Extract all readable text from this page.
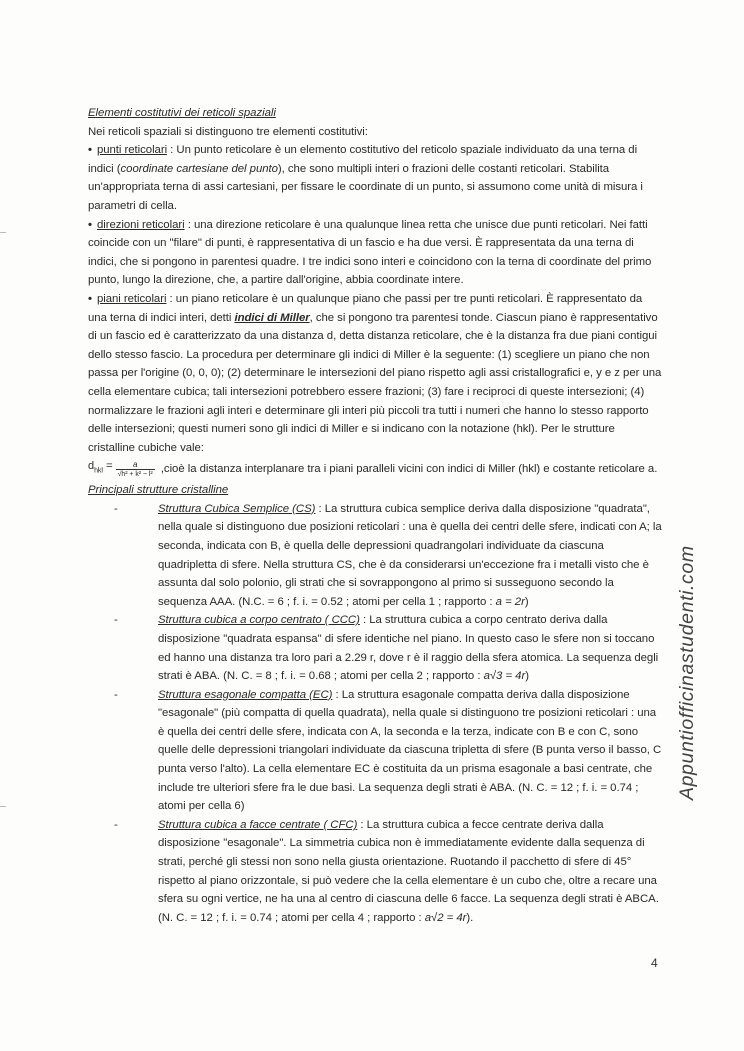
Elementi costitutivi dei reticoli spaziali

Nei reticoli spaziali si distinguono tre elementi costitutivi:

• punti reticolari : Un punto reticolare è un elemento costitutivo del reticolo spaziale individuato da una terna di indici (coordinate cartesiane del punto), che sono multipli interi o frazioni delle costanti reticolari. Stabilita un'appropriata terna di assi cartesiani, per fissare le coordinate di un punto, si assumono come unità di misura i parametri di cella.

• direzioni reticolari : una direzione reticolare è una qualunque linea retta che unisce due punti reticolari. Nei fatti coincide con un "filare" di punti, è rappresentativa di un fascio e ha due versi. È rappresentata da una terna di indici, che si pongono in parentesi quadre. I tre indici sono interi e coincidono con la terna di coordinate del primo punto, lungo la direzione, che, a partire dall'origine, abbia coordinate intere.

• piani reticolari : un piano reticolare è un qualunque piano che passi per tre punti reticolari. È rappresentato da una terna di indici interi, detti indici di Miller, che si pongono tra parentesi tonde. Ciascun piano è rappresentativo di un fascio ed è caratterizzato da una distanza d, detta distanza reticolare, che è la distanza fra due piani contigui dello stesso fascio. La procedura per determinare gli indici di Miller è la seguente: (1) scegliere un piano che non passa per l'origine (0, 0, 0); (2) determinare le intersezioni del piano rispetto agli assi cristallografici e, y e z per una cella elementare cubica; tali intersezioni potrebbero essere frazioni; (3) fare i reciproci di queste intersezioni; (4) normalizzare le frazioni agli interi e determinare gli interi più piccoli tra tutti i numeri che hanno lo stesso rapporto delle intersezioni; questi numeri sono gli indici di Miller e si indicano con la notazione (hkl). Per le strutture cristalline cubiche vale:
$d_{hkl} = \frac{a}{\text{√h² + k² − l²}}$ ,cioè la distanza interplanare tra i piani paralleli vicini con indici di Miller (hkl) e costante reticolare a.

Principali strutture cristalline

- Struttura Cubica Semplice (CS) : La struttura cubica semplice deriva dalla disposizione "quadrata", nella quale si distinguono due posizioni reticolari : una è quella dei centri delle sfere, indicati con A; la seconda, indicata con B, è quella delle depressioni quadrangolari individuate da ciascuna quadripletta di sfere. Nella struttura CS, che è da considerarsi un'eccezione fra i metalli visto che è assunta dal solo polonio, gli strati che si sovrappongono al primo si susseguono secondo la sequenza AAA. (N.C. = 6 ; f. i. = 0.52 ; atomi per cella 1 ; rapporto : a = 2r)
- Struttura cubica a corpo centrato ( CCC) : La struttura cubica a corpo centrato deriva dalla disposizione "quadrata espansa" di sfere identiche nel piano. In questo caso le sfere non si toccano ed hanno una distanza tra loro pari a 2.29 r, dove r è il raggio della sfera atomica. La sequenza degli strati è ABA. (N. C. = 8 ; f. i. = 0.68 ; atomi per cella 2 ; rapporto : a√3 = 4r)
- Struttura esagonale compatta (EC) : La struttura esagonale compatta deriva dalla disposizione "esagonale" (più compatta di quella quadrata), nella quale si distinguono tre posizioni reticolari : una è quella dei centri delle sfere, indicata con A, la seconda e la terza, indicate con B e con C, sono quelle delle depressioni triangolari individuate da ciascuna tripletta di sfere (B punta verso il basso, C punta verso l'alto). La cella elementare EC è costituita da un prisma esagonale a basi centrate, che include tre ulteriori sfere fra le due basi. La sequenza degli strati è ABA. (N. C. = 12 ; f. i. = 0.74 ; atomi per cella 6)
- Struttura cubica a facce centrate ( CFC) : La struttura cubica a fecce centrate deriva dalla disposizione "esagonale". La simmetria cubica non è immediatamente evidente dalla sequenza di strati, perché gli stessi non sono nella giusta orientazione. Ruotando il pacchetto di sfere di 45° rispetto al piano orizzontale, si può vedere che la cella elementare è un cubo che, oltre a recare una sfera su ogni vertice, ne ha una al centro di ciascuna delle 6 facce. La sequenza degli strati è ABCA. (N. C. = 12 ; f. i. = 0.74 ; atomi per cella 4 ; rapporto : a√2 = 4r).
Appuntiofficinastudenti.com
4
